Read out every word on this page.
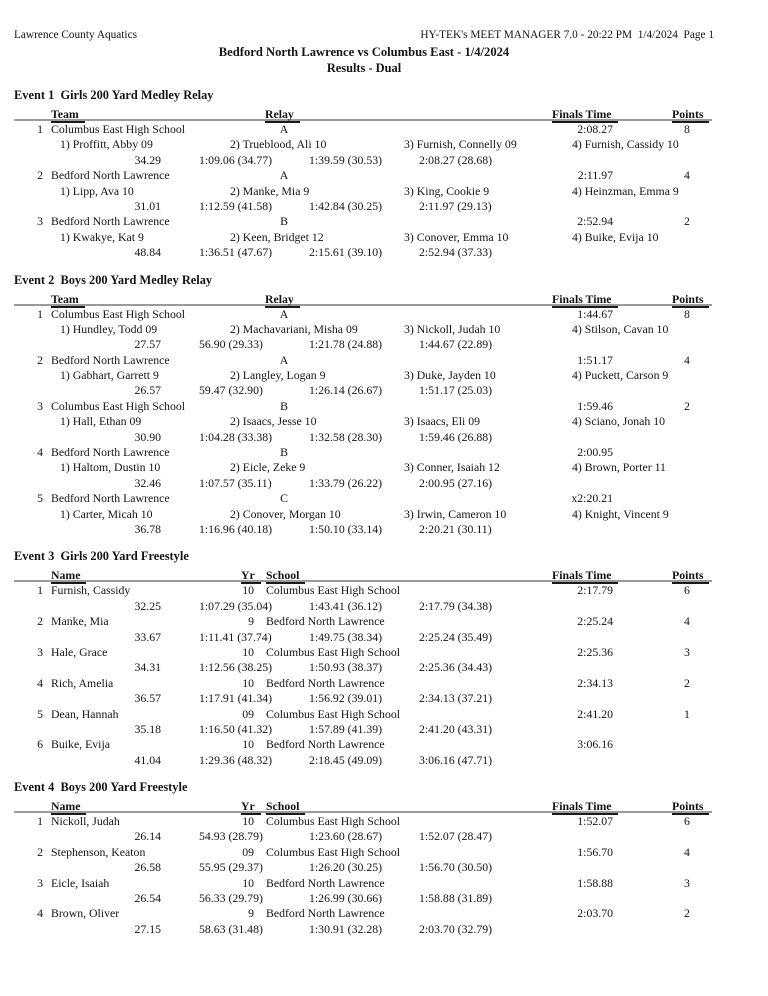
Lawrence County Aquatics	HY-TEK's MEET MANAGER 7.0 - 20:22 PM  1/4/2024  Page 1
Bedford North Lawrence vs Columbus East - 1/4/2024
Results - Dual
Event 1  Girls 200 Yard Medley Relay
Team	Relay	Finals Time	Points
1 Columbus East High School	A	2:08.27	8
1) Proffitt, Abby 09	2) Trueblood, Ali 10	3) Furnish, Connelly 09	4) Furnish, Cassidy 10
34.29	1:09.06 (34.77)	1:39.59 (30.53)	2:08.27 (28.68)
2 Bedford North Lawrence	A	2:11.97	4
1) Lipp, Ava 10	2) Manke, Mia 9	3) King, Cookie 9	4) Heinzman, Emma 9
31.01	1:12.59 (41.58)	1:42.84 (30.25)	2:11.97 (29.13)
3 Bedford North Lawrence	B	2:52.94	2
1) Kwakye, Kat 9	2) Keen, Bridget 12	3) Conover, Emma 10	4) Buike, Evija 10
48.84	1:36.51 (47.67)	2:15.61 (39.10)	2:52.94 (37.33)
Event 2  Boys 200 Yard Medley Relay
Team	Relay	Finals Time	Points
1 Columbus East High School	A	1:44.67	8
1) Hundley, Todd 09	2) Machavariani, Misha 09	3) Nickoll, Judah 10	4) Stilson, Cavan 10
27.57	56.90 (29.33)	1:21.78 (24.88)	1:44.67 (22.89)
2 Bedford North Lawrence	A	1:51.17	4
1) Gabhart, Garrett 9	2) Langley, Logan 9	3) Duke, Jayden 10	4) Puckett, Carson 9
26.57	59.47 (32.90)	1:26.14 (26.67)	1:51.17 (25.03)
3 Columbus East High School	B	1:59.46	2
1) Hall, Ethan 09	2) Isaacs, Jesse 10	3) Isaacs, Eli 09	4) Sciano, Jonah 10
30.90	1:04.28 (33.38)	1:32.58 (28.30)	1:59.46 (26.88)
4 Bedford North Lawrence	B	2:00.95
1) Haltom, Dustin 10	2) Eicle, Zeke 9	3) Conner, Isaiah 12	4) Brown, Porter 11
32.46	1:07.57 (35.11)	1:33.79 (26.22)	2:00.95 (27.16)
5 Bedford North Lawrence	C	x2:20.21
1) Carter, Micah 10	2) Conover, Morgan 10	3) Irwin, Cameron 10	4) Knight, Vincent 9
36.78	1:16.96 (40.18)	1:50.10 (33.14)	2:20.21 (30.11)
Event 3  Girls 200 Yard Freestyle
Name	Yr School	Finals Time	Points
1 Furnish, Cassidy	10 Columbus East High School	2:17.79	6
32.25	1:07.29 (35.04)	1:43.41 (36.12)	2:17.79 (34.38)
2 Manke, Mia	9 Bedford North Lawrence	2:25.24	4
33.67	1:11.41 (37.74)	1:49.75 (38.34)	2:25.24 (35.49)
3 Hale, Grace	10 Columbus East High School	2:25.36	3
34.31	1:12.56 (38.25)	1:50.93 (38.37)	2:25.36 (34.43)
4 Rich, Amelia	10 Bedford North Lawrence	2:34.13	2
36.57	1:17.91 (41.34)	1:56.92 (39.01)	2:34.13 (37.21)
5 Dean, Hannah	09 Columbus East High School	2:41.20	1
35.18	1:16.50 (41.32)	1:57.89 (41.39)	2:41.20 (43.31)
6 Buike, Evija	10 Bedford North Lawrence	3:06.16
41.04	1:29.36 (48.32)	2:18.45 (49.09)	3:06.16 (47.71)
Event 4  Boys 200 Yard Freestyle
Name	Yr School	Finals Time	Points
1 Nickoll, Judah	10 Columbus East High School	1:52.07	6
26.14	54.93 (28.79)	1:23.60 (28.67)	1:52.07 (28.47)
2 Stephenson, Keaton	09 Columbus East High School	1:56.70	4
26.58	55.95 (29.37)	1:26.20 (30.25)	1:56.70 (30.50)
3 Eicle, Isaiah	10 Bedford North Lawrence	1:58.88	3
26.54	56.33 (29.79)	1:26.99 (30.66)	1:58.88 (31.89)
4 Brown, Oliver	9 Bedford North Lawrence	2:03.70	2
27.15	58.63 (31.48)	1:30.91 (32.28)	2:03.70 (32.79)
